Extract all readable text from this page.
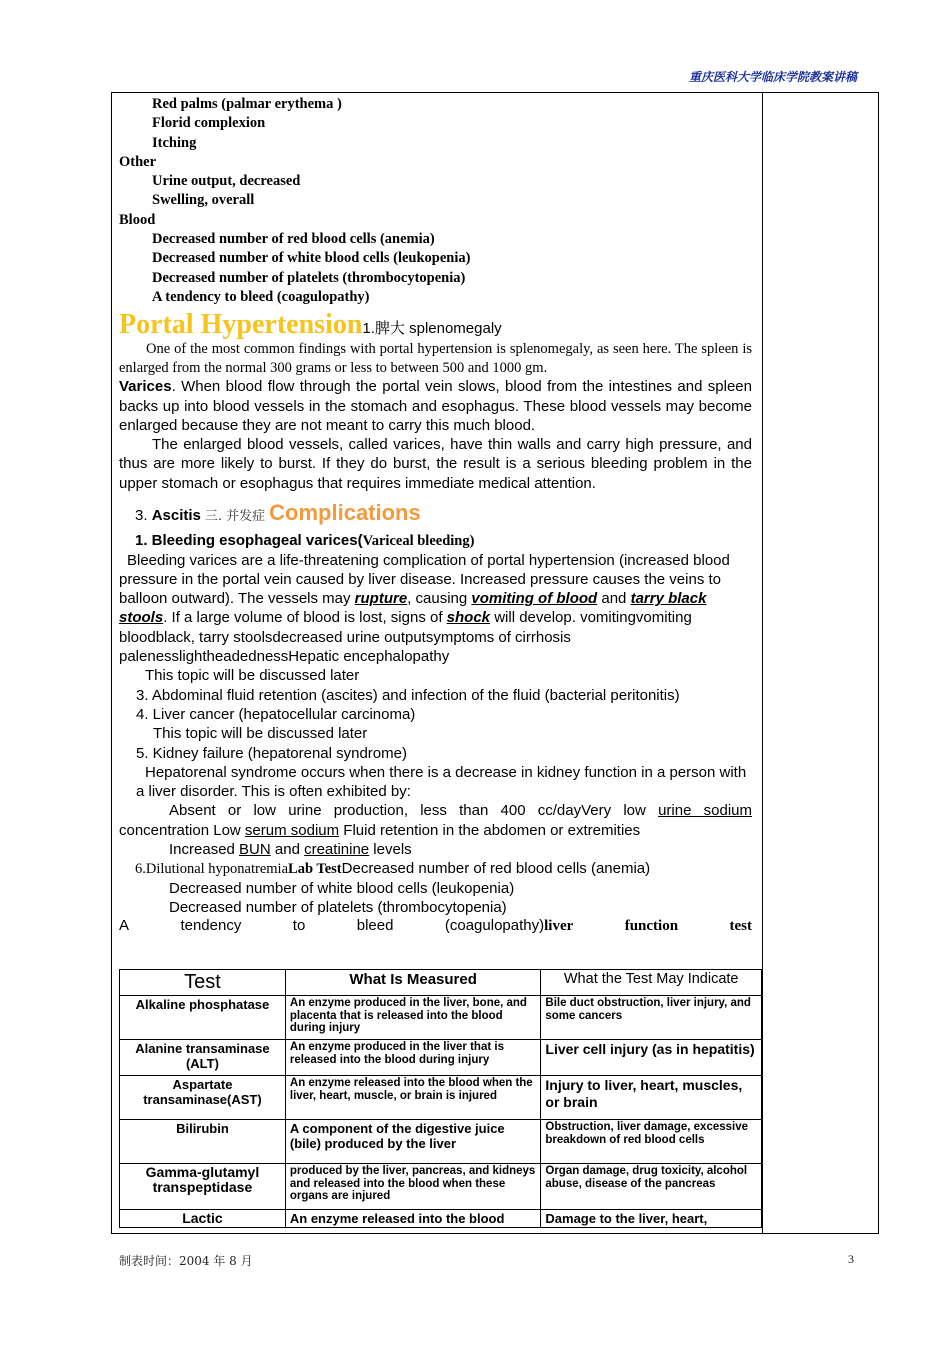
重庆医科大学临床学院教案讲稿
Red palms (palmar erythema )
Florid complexion
Itching
Other
Urine output, decreased
Swelling, overall
Blood
Decreased number of red blood cells (anemia)
Decreased number of white blood cells (leukopenia)
Decreased number of platelets (thrombocytopenia)
A tendency to bleed (coagulopathy)
Portal Hypertension1.脾大 splenomegaly
One of the most common findings with portal hypertension is splenomegaly, as seen here. The spleen is enlarged from the normal 300 grams or less to between 500 and 1000 gm.
Varices. When blood flow through the portal vein slows, blood from the intestines and spleen backs up into blood vessels in the stomach and esophagus. These blood vessels may become enlarged because they are not meant to carry this much blood.
The enlarged blood vessels, called varices, have thin walls and carry high pressure, and thus are more likely to burst. If they do burst, the result is a serious bleeding problem in the upper stomach or esophagus that requires immediate medical attention.
3. Ascitis 三. 并发症 Complications
1. Bleeding esophageal varices(Variceal bleeding)
Bleeding varices are a life-threatening complication of portal hypertension (increased blood pressure in the portal vein caused by liver disease. Increased pressure causes the veins to balloon outward). The vessels may rupture, causing vomiting of blood and tarry black stools. If a large volume of blood is lost, signs of shock will develop. vomitingvomiting bloodblack, tarry stoolsdecreased urine outputsymptoms of cirrhosis palenesslightheadednessHepatic encephalopathy
This topic will be discussed later
3. Abdominal fluid retention (ascites) and infection of the fluid (bacterial peritonitis)
4. Liver cancer (hepatocellular carcinoma)
This topic will be discussed later
5. Kidney failure (hepatorenal syndrome)
Hepatorenal syndrome occurs when there is a decrease in kidney function in a person with a liver disorder. This is often exhibited by:
Absent or low urine production, less than 400 cc/dayVery low urine sodium concentration Low serum sodium Fluid retention in the abdomen or extremities
Increased BUN and creatinine levels
6.Dilutional hyponatremiaLab TestDecreased number of red blood cells (anemia)
Decreased number of white blood cells (leukopenia)
Decreased number of platelets (thrombocytopenia)
A	tendency	to	bleed	(coagulopathy)liver	function	test
Test	What Is Measured	What the Test May Indicate
Alkaline phosphatase	An enzyme produced in the liver, bone, and placenta that is released into the blood during injury	Bile duct obstruction, liver injury, and some cancers
Alanine transaminase (ALT)	An enzyme produced in the liver that is released into the blood during injury	Liver cell injury (as in hepatitis)
Aspartate transaminase(AST)	An enzyme released into the blood when the liver, heart, muscle, or brain is injured	Injury to liver, heart, muscles, or brain
Bilirubin	A component of the digestive juice (bile) produced by the liver	Obstruction, liver damage, excessive breakdown of red blood cells
Gamma-glutamyl transpeptidase	produced by the liver, pancreas, and kidneys and released into the blood when these organs are injured	Organ damage, drug toxicity, alcohol abuse, disease of the pancreas
Lactic	An enzyme released into the blood	Damage to the liver, heart,
制表时间：2004 年 8 月	3
